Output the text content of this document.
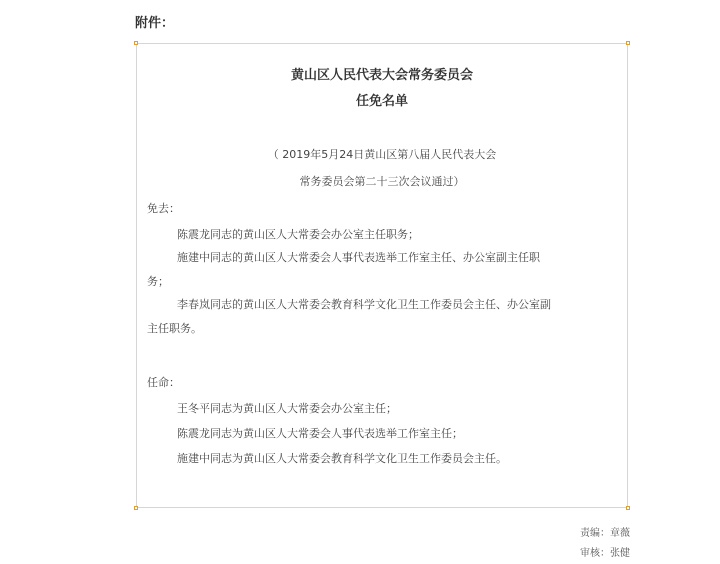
附件：
黄山区人民代表大会常务委员会
任免名单
（ 2019年5月24日黄山区第八届人民代表大会
常务委员会第二十三次会议通过）
免去：
陈震龙同志的黄山区人大常委会办公室主任职务；
施建中同志的黄山区人大常委会人事代表选举工作室主任、办公室副主任职
务；
李春岚同志的黄山区人大常委会教育科学文化卫生工作委员会主任、办公室副
主任职务。
任命：
王冬平同志为黄山区人大常委会办公室主任；
陈震龙同志为黄山区人大常委会人事代表选举工作室主任；
施建中同志为黄山区人大常委会教育科学文化卫生工作委员会主任。
责编：章薇
审核：张健
